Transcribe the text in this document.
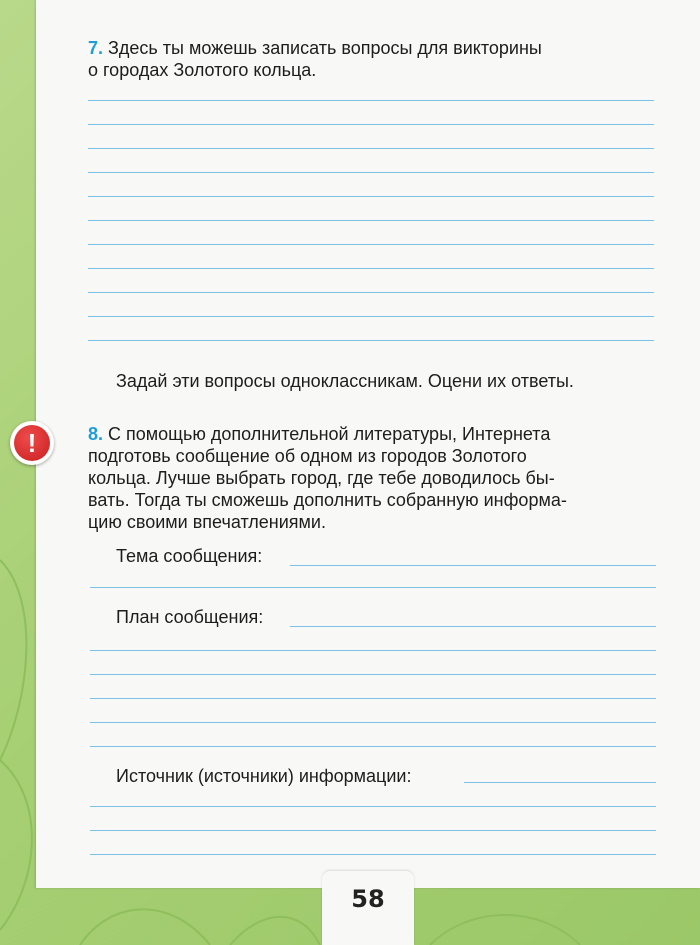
7. Здесь ты можешь записать вопросы для викторины
о городах Золотого кольца.
Задай эти вопросы одноклассникам. Оцени их ответы.
!	8. С помощью дополнительной литературы, Интернета
подготовь сообщение об одном из городов Золотого
кольца. Лучше выбрать город, где тебе доводилось бы-
вать. Тогда ты сможешь дополнить собранную информа-
цию своими впечатлениями.
Тема сообщения:
План сообщения:
Источник (источники) информации:
58
